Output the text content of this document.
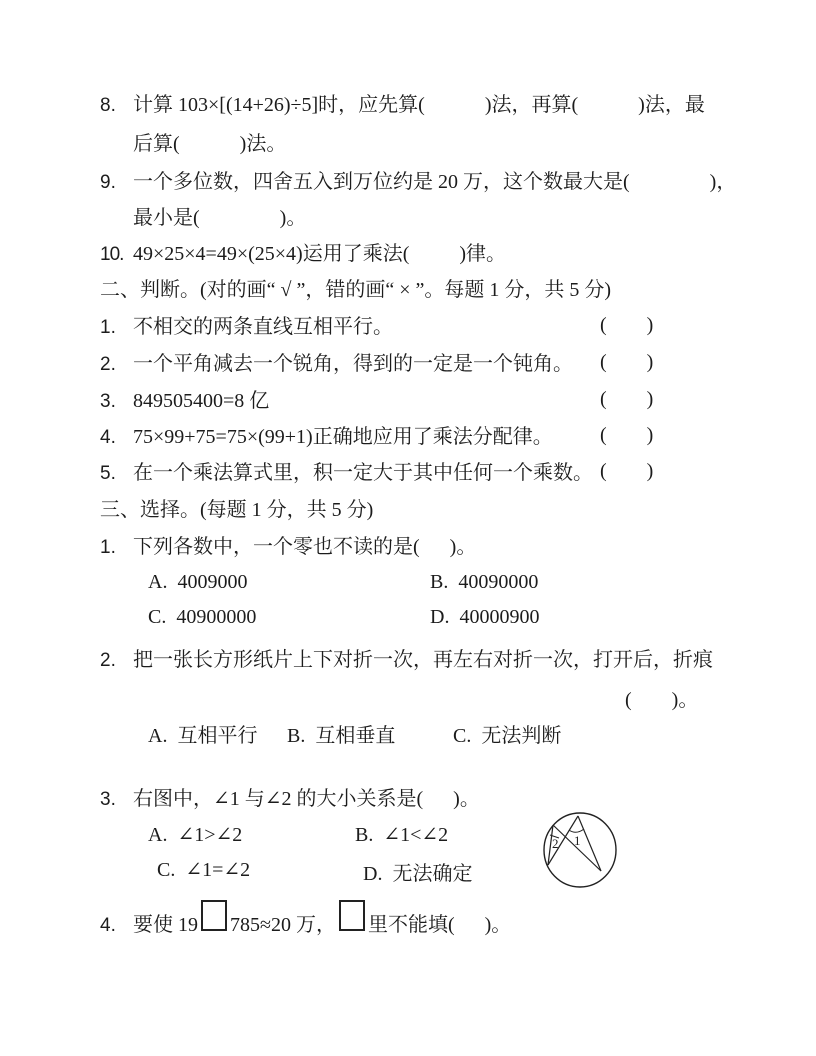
8. 计算 103×[(14+26)÷5]时，应先算(            )法，再算(            )法，最
后算(            )法。
9. 一个多位数，四舍五入到万位约是 20 万，这个数最大是(                )，
最小是(                )。
10. 49×25×4=49×(25×4)运用了乘法(          )律。
二、判断。(对的画“ √ ”，错的画“ × ”。每题 1 分，共 5 分)
1. 不相交的两条直线互相平行。	(        )
2. 一个平角减去一个锐角，得到的一定是一个钝角。 (        )
3. 849505400=8 亿	(        )
4. 75×99+75=75×(99+1)正确地应用了乘法分配律。 (        )
5. 在一个乘法算式里，积一定大于其中任何一个乘数。 (        )
三、选择。(每题 1 分，共 5 分)
1. 下列各数中，一个零也不读的是(      )。
A.  4009000	B.  40090000
C.  40900000	D.  40000900
2. 把一张长方形纸片上下对折一次，再左右对折一次，打开后，折痕
(        )。
A.  互相平行 B.  互相垂直	C.  无法判断
3. 右图中，∠1 与∠2 的大小关系是(      )。
A.  ∠1>∠2	B.  ∠1<∠2
C.  ∠1=∠2	D.  无法确定
1
2
4. 要使 19 785≈20 万， 里不能填(      )。
